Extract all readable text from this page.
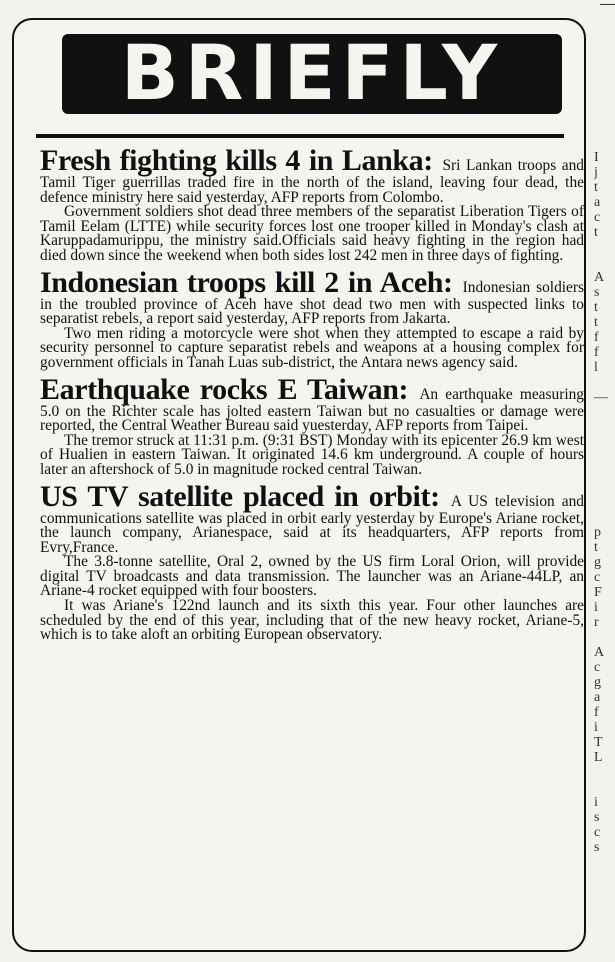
I
j
t
a
c
t
A
s
t
t
f
f
l
—
p
t
g
c
F
i
r
A
c
g
a
f
i
T
L
i
s
c
s
BRIEFLY

Fresh fighting kills 4 in Lanka: Sri Lankan troops and Tamil Tiger guerrillas traded fire in the north of the island, leaving four dead, the defence ministry here said yesterday, AFP reports from Colombo.

Government soldiers shot dead three members of the separatist Liberation Tigers of Tamil Eelam (LTTE) while security forces lost one trooper killed in Monday's clash at Karuppadamurippu, the ministry said.Officials said heavy fighting in the region had died down since the weekend when both sides lost 242 men in three days of fighting.

Indonesian troops kill 2 in Aceh: Indonesian soldiers in the troubled province of Aceh have shot dead two men with suspected links to separatist rebels, a report said yesterday, AFP reports from Jakarta.

Two men riding a motorcycle were shot when they attempted to escape a raid by security personnel to capture separatist rebels and weapons at a housing complex for government officials in Tanah Luas sub-district, the Antara news agency said.

Earthquake rocks E Taiwan: An earthquake measuring 5.0 on the Richter scale has jolted eastern Taiwan but no casualties or damage were reported, the Central Weather Bureau said yuesterday, AFP reports from Taipei.

The tremor struck at 11:31 p.m. (9:31 BST) Monday with its epicenter 26.9 km west of Hualien in eastern Taiwan. It originated 14.6 km underground. A couple of hours later an aftershock of 5.0 in magnitude rocked central Taiwan.

US TV satellite placed in orbit: A US television and communications satellite was placed in orbit early yesterday by Europe's Ariane rocket, the launch company, Arianespace, said at its headquarters, AFP reports from Evry,France.

The 3.8-tonne satellite, Oral 2, owned by the US firm Loral Orion, will provide digital TV broadcasts and data transmission. The launcher was an Ariane-44LP, an Ariane-4 rocket equipped with four boosters.

It was Ariane's 122nd launch and its sixth this year. Four other launches are scheduled by the end of this year, including that of the new heavy rocket, Ariane-5, which is to take aloft an orbiting European observatory.
